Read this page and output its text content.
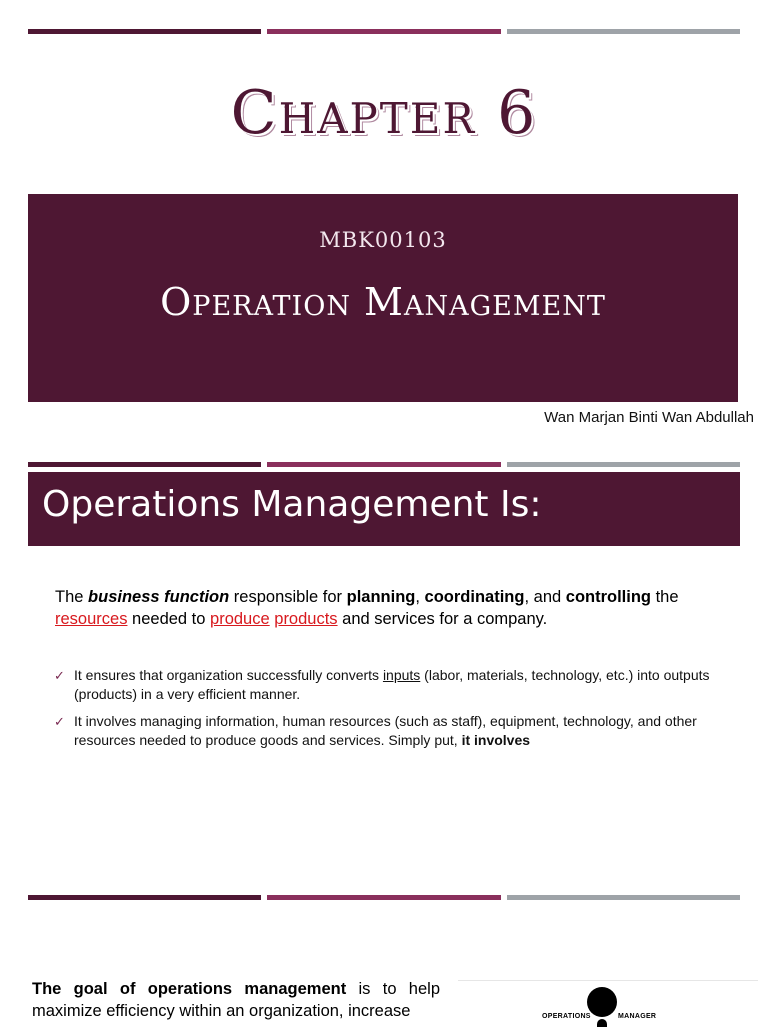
Chapter 6
MBK00103
Operation Management
Wan Marjan Binti Wan Abdullah
Operations Management Is:

The business function responsible for planning, coordinating, and controlling the resources needed to produce products and services for a company.

✓ It ensures that organization successfully converts inputs (labor, materials, technology, etc.) into outputs (products) in a very efficient manner.
✓ It involves managing information, human resources (such as staff), equipment, technology, and other resources needed to produce goods and services. Simply put, it involves

The goal of operations management is to help maximize efficiency within an organization, increase	OPERATIONS	MANAGER
